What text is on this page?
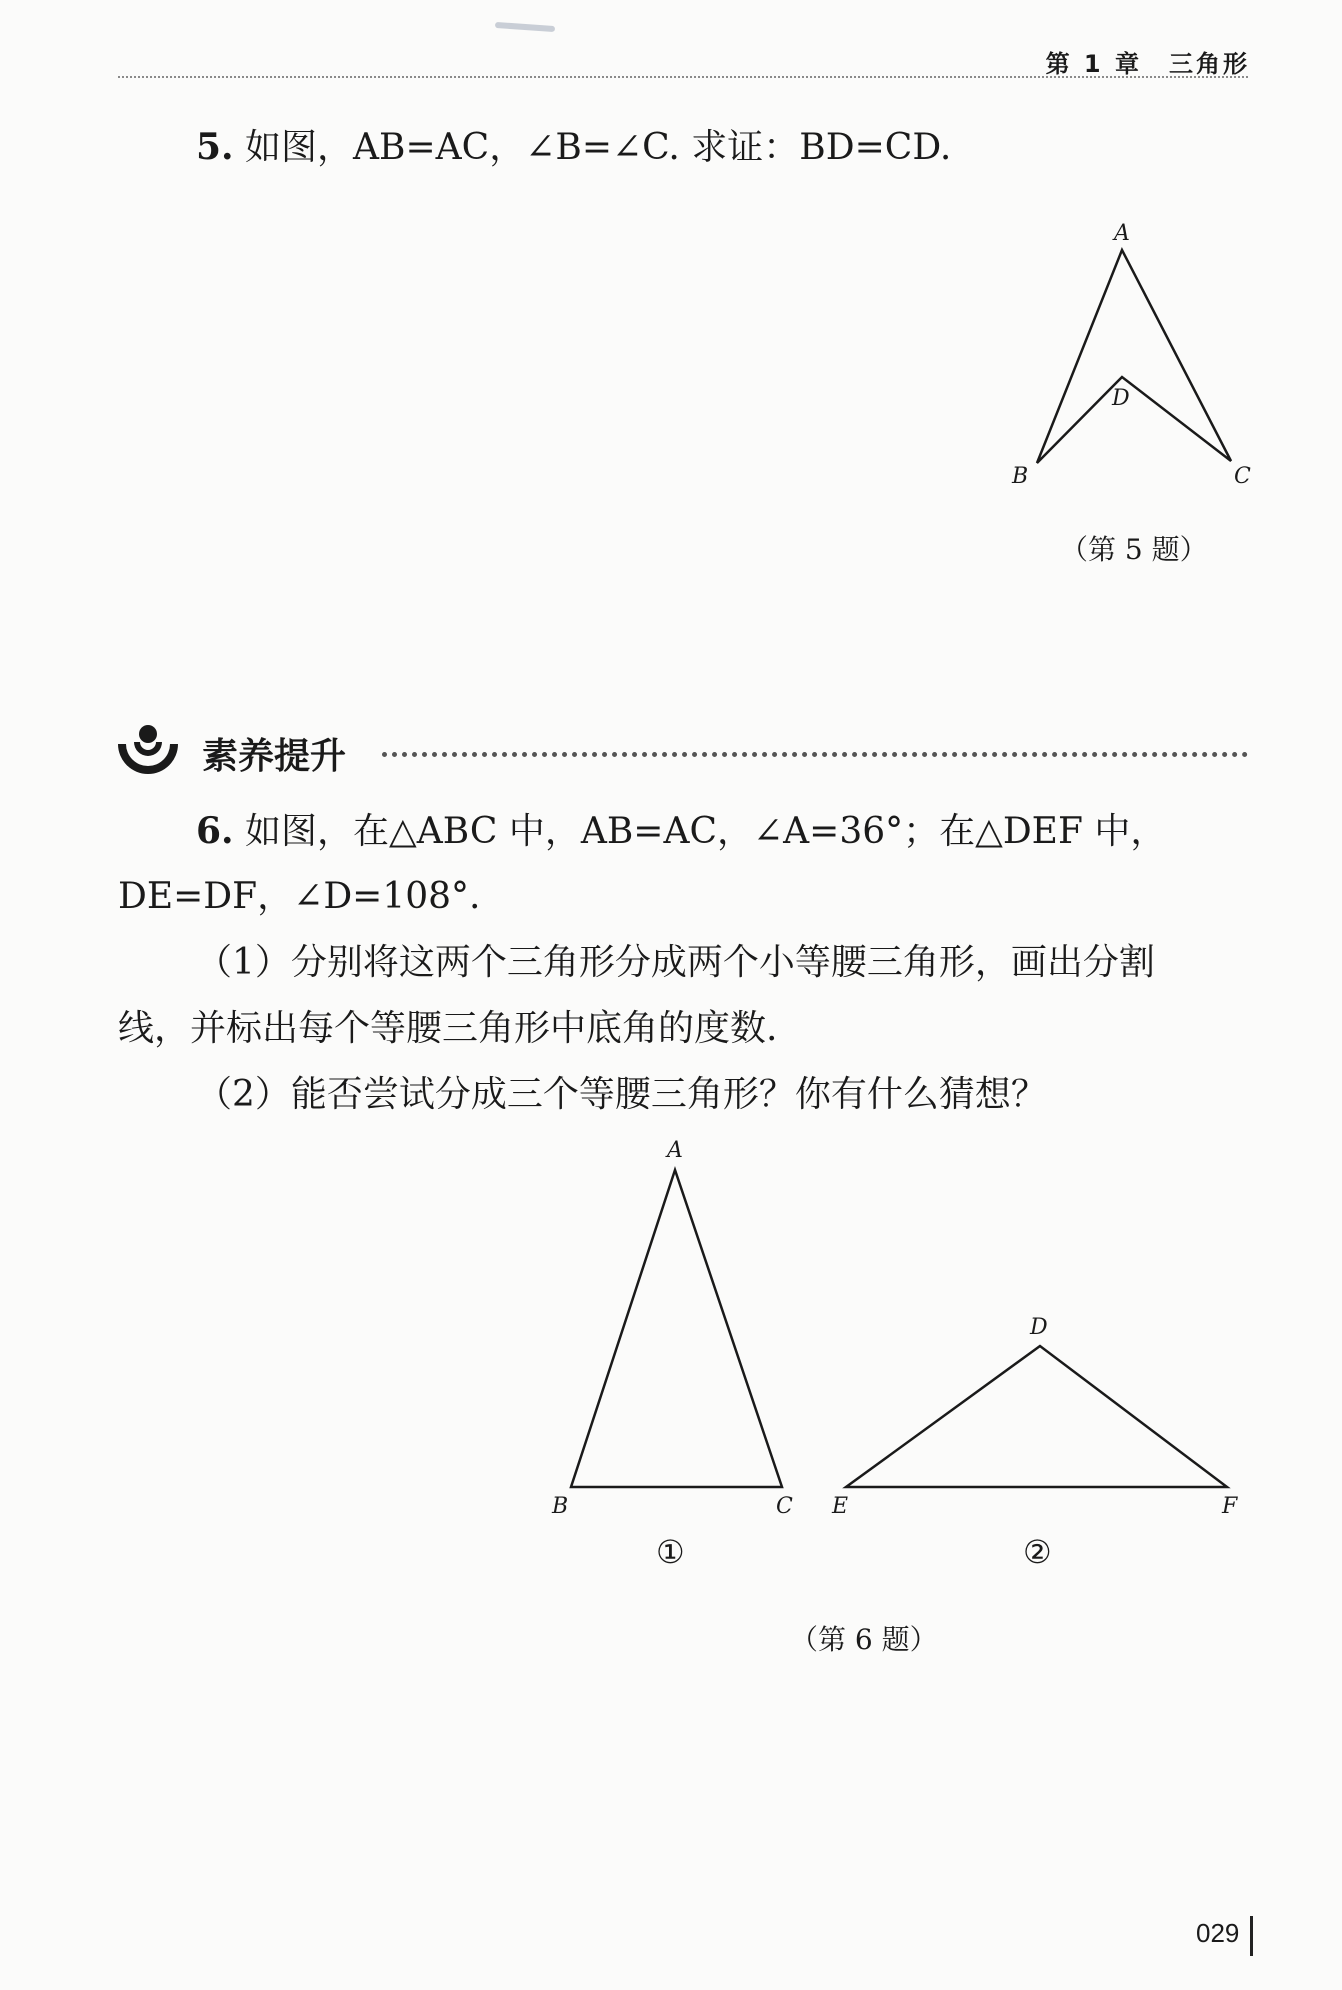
第 1 章　三角形
5. 如图，AB=AC，∠B=∠C. 求证：BD=CD.
A
D
B	C
（第 5 题）
素养提升
6. 如图，在△ABC 中，AB=AC，∠A=36°；在△DEF 中，
DE=DF，∠D=108°.
（1）分别将这两个三角形分成两个小等腰三角形，画出分割
线，并标出每个等腰三角形中底角的度数.
（2）能否尝试分成三个等腰三角形？你有什么猜想？
A
B	C
①
D
E	F
②
（第 6 题）
029
